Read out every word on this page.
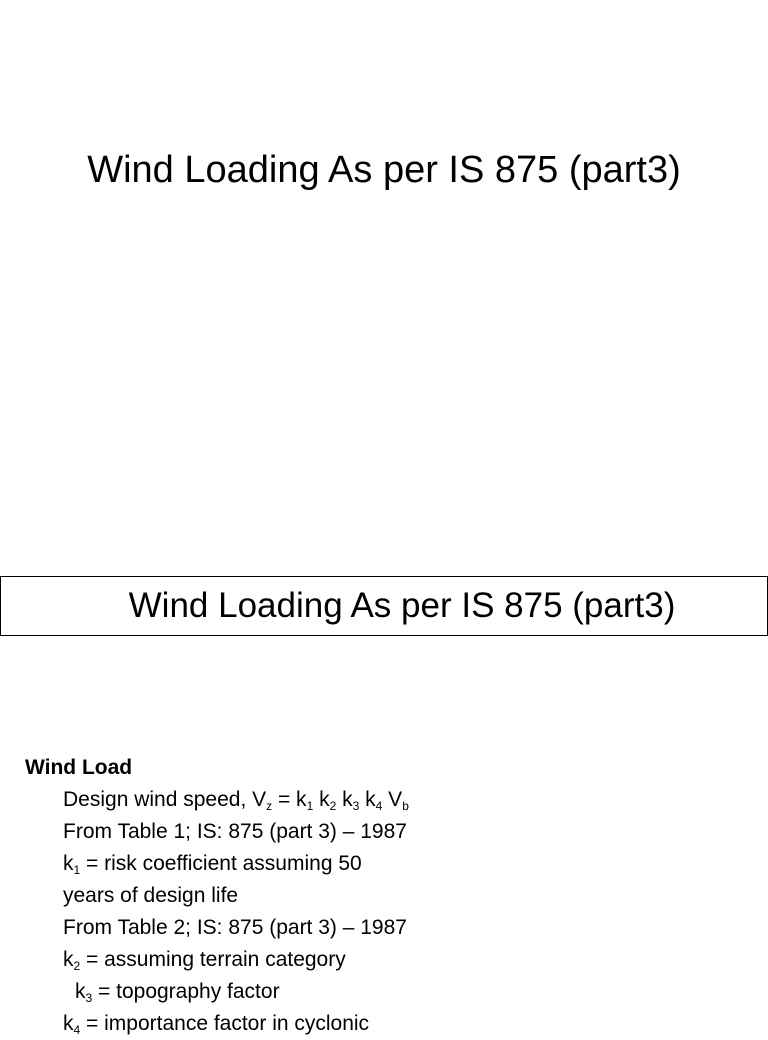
Wind Loading As per IS 875 (part3)
Wind Loading As per IS 875 (part3)
Wind Load
Design wind speed, $V_z = k_1$ $k_2$ $k_3$ $k_4$ $V_b$
From Table 1; IS: 875 (part 3) – 1987
$k_1$ = risk coefficient assuming 50
years of design life
From Table 2; IS: 875 (part 3) – 1987
$k_2$ = assuming terrain category
$k_3$ = topography factor
$k_4$ = importance factor in cyclonic
